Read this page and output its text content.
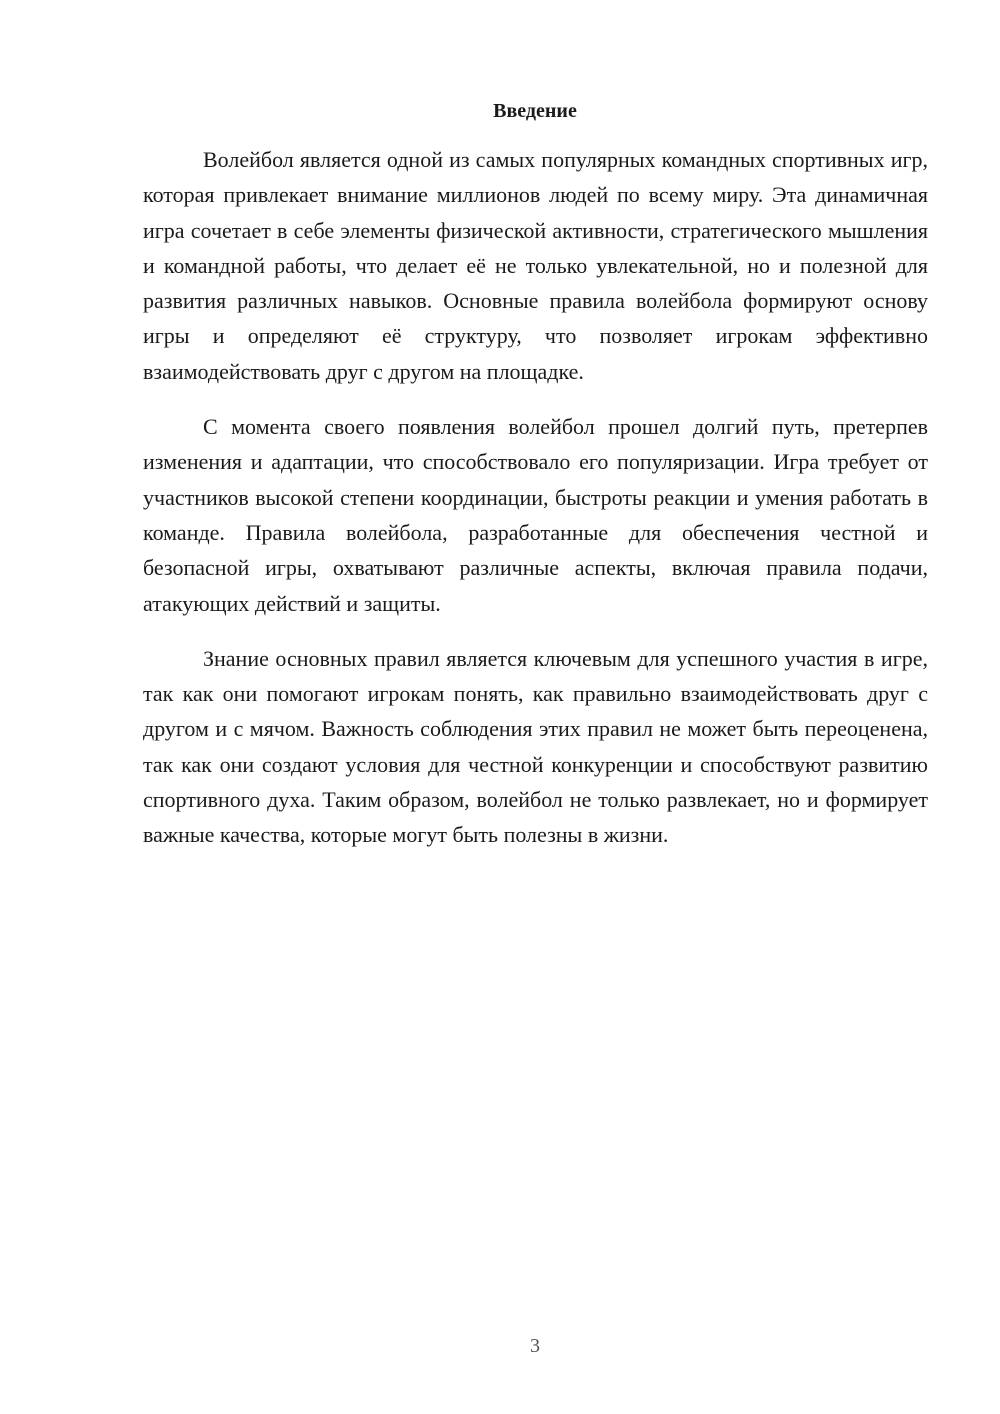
Введение

Волейбол является одной из самых популярных командных спортивных игр, которая привлекает внимание миллионов людей по всему миру. Эта динамичная игра сочетает в себе элементы физической активности, стратегического мышления и командной работы, что делает её не только увлекательной, но и полезной для развития различных навыков. Основные правила волейбола формируют основу игры и определяют её структуру, что позволяет игрокам эффективно взаимодействовать друг с другом на площадке.

С момента своего появления волейбол прошел долгий путь, претерпев изменения и адаптации, что способствовало его популяризации. Игра требует от участников высокой степени координации, быстроты реакции и умения работать в команде. Правила волейбола, разработанные для обеспечения честной и безопасной игры, охватывают различные аспекты, включая правила подачи, атакующих действий и защиты.

Знание основных правил является ключевым для успешного участия в игре, так как они помогают игрокам понять, как правильно взаимодействовать друг с другом и с мячом. Важность соблюдения этих правил не может быть переоценена, так как они создают условия для честной конкуренции и способствуют развитию спортивного духа. Таким образом, волейбол не только развлекает, но и формирует важные качества, которые могут быть полезны в жизни.

3
